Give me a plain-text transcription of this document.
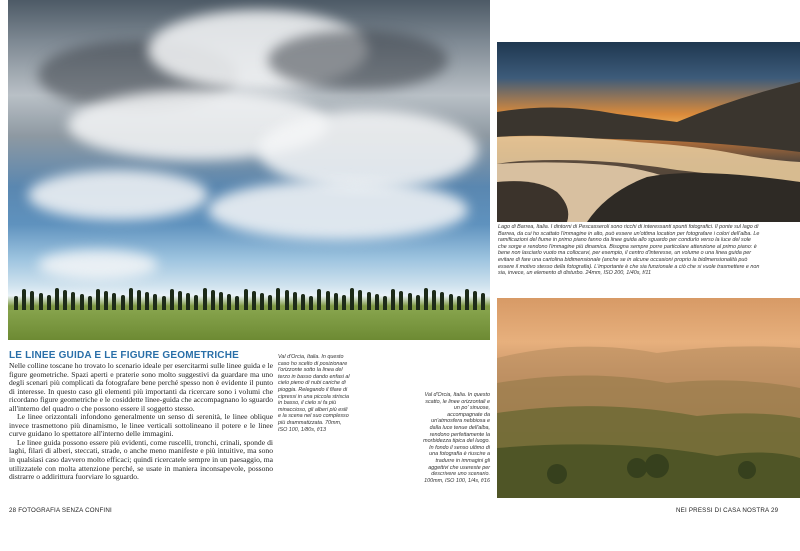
Lago di Barrea, Italia. I dintorni di Pescasseroli sono ricchi di interessanti spunti fotografici. Il ponte sul lago di Barrea, da cui ho scattato l'immagine in alto, può essere un'ottima location per fotografare i colori dell'alba. Le ramificazioni del fiume in primo piano fanno da linee guida allo sguardo per condurlo verso la luce del sole che sorge e rendono l'immagine più dinamica. Bisogna sempre porre particolare attenzione al primo piano: è bene non lasciarlo vuoto ma collocarvi, per esempio, il centro d'interesse, un volume o una linea guida per evitare di fare una cartolina bidimensionale (anche se in alcune occasioni proprio la bidimensionalità può essere il motivo stesso della fotografia). L'importante è che sia funzionale a ciò che si vuole trasmettere e non sia, invece, un elemento di disturbo. 24mm, ISO 200, 1/40s, f/11
LE LINEE GUIDA E LE FIGURE GEOMETRICHE

Nelle colline toscane ho trovato lo scenario ideale per esercitarmi sulle linee guida e le figure geometriche. Spazi aperti e praterie sono molto suggestivi da guardare ma uno degli scenari più complicati da fotografare bene perché spesso non è evidente il punto di interesse. In questo caso gli elementi più importanti da ricercare sono i volumi che ricordano figure geometriche e le cosiddette linee-guida che accompagnano lo sguardo all'interno del quadro o che possono essere il soggetto stesso.

Le linee orizzontali infondono generalmente un senso di serenità, le linee oblique invece trasmettono più dinamismo, le linee verticali sottolineano il potere e le linee curve guidano lo spettatore all'interno delle immagini.

Le linee guida possono essere più evidenti, come ruscelli, tronchi, crinali, sponde di laghi, filari di alberi, steccati, strade, o anche meno manifeste e più intuitive, ma sono in qualsiasi caso davvero molto efficaci; quindi ricercatele sempre in un paesaggio, ma utilizzatele con molta attenzione perché, se usate in maniera inconsapevole, possono distrarre o addirittura fuorviare lo sguardo.

Val d'Orcia, Italia. In questo caso ho scelto di posizionare l'orizzonte sotto la linea del terzo in basso dando enfasi al cielo pieno di nubi cariche di pioggia. Relegando il filare di cipressi in una piccola striscia in basso, il cielo si fa più minaccioso, gli alberi più esili e la scena nel suo complesso più drammatizzata. 70mm, ISO 100, 1/80s, f/13
Val d'Orcia, Italia. In questo scatto, le linee orizzontali e un po' sinuose, accompagnate da un'atmosfera nebbiosa e dalla luce tenue dell'alba, rendono perfettamente la morbidezza tipica del luogo. In fondo il senso ultimo di una fotografia è riuscire a tradurre in immagini gli aggettivi che userestе per descrivere uno scenario. 100mm, ISO 100, 1/4s, f/16
28 FOTOGRAFIA SENZA CONFINI	NEI PRESSI DI CASA NOSTRA 29
